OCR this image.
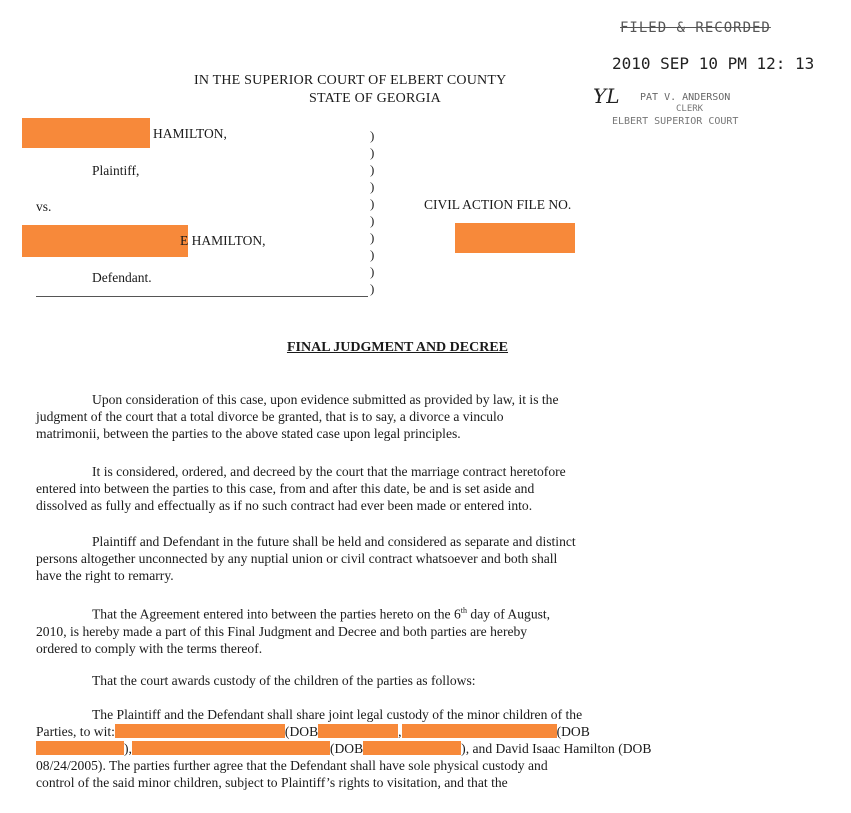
FILED & RECORDED
2010 SEP 10 PM 12: 13
YL PAT V. ANDERSON
CLERK
ELBERT SUPERIOR COURT
IN THE SUPERIOR COURT OF ELBERT COUNTY
STATE OF GEORGIA
HAMILTON,
Plaintiff,
vs.
E HAMILTON,
Defendant.
)
)
)
)
)
)
)
)
)
)
CIVIL ACTION FILE NO.
FINAL JUDGMENT AND DECREE
Upon consideration of this case, upon evidence submitted as provided by law, it is the
judgment of the court that a total divorce be granted, that is to say, a divorce a vinculo
matrimonii, between the parties to the above stated case upon legal principles.
It is considered, ordered, and decreed by the court that the marriage contract heretofore
entered into between the parties to this case, from and after this date, be and is set aside and
dissolved as fully and effectually as if no such contract had ever been made or entered into.
Plaintiff and Defendant in the future shall be held and considered as separate and distinct
persons altogether unconnected by any nuptial union or civil contract whatsoever and both shall
have the right to remarry.
That the Agreement entered into between the parties hereto on the 6th day of August,
2010, is hereby made a part of this Final Judgment and Decree and both parties are hereby
ordered to comply with the terms thereof.
That the court awards custody of the children of the parties as follows:
The Plaintiff and the Defendant shall share joint legal custody of the minor children of the
Parties, to wit:	(DOB	,	(DOB
),	(DOB	), and David Isaac Hamilton (DOB
08/24/2005). The parties further agree that the Defendant shall have sole physical custody and
control of the said minor children, subject to Plaintiff’s rights to visitation, and that the
